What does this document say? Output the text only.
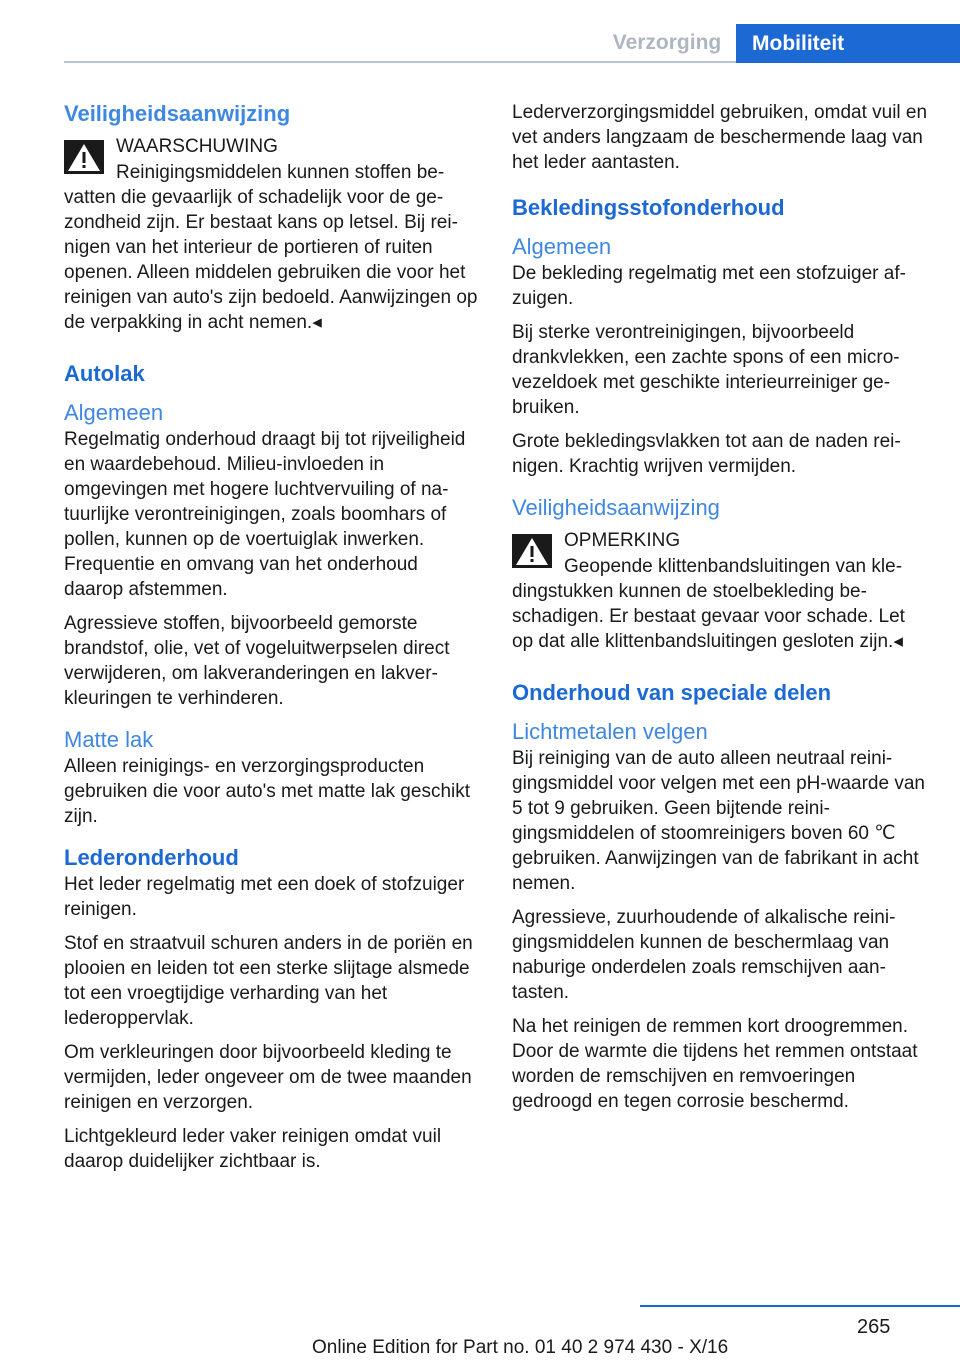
Verzorging	Mobiliteit
Veiligheidsaanwijzing

WAARSCHUWING

Reinigingsmiddelen kunnen stoffen bevatten die gevaarlijk of schadelijk voor de gezondheid zijn. Er bestaat kans op letsel. Bij reinigen van het interieur de portieren of ruiten openen. Alleen middelen gebruiken die voor het reinigen van auto's zijn bedoeld. Aanwijzingen op de verpakking in acht nemen.◂

Autolak
Algemeen

Regelmatig onderhoud draagt bij tot rijveiligheid en waardebehoud. Milieu-invloeden in omgevingen met hogere luchtvervuiling of natuurlijke verontreinigingen, zoals boomhars of pollen, kunnen op de voertuiglak inwerken. Frequentie en omvang van het onderhoud daarop afstemmen.

Agressieve stoffen, bijvoorbeeld gemorste brandstof, olie, vet of vogeluitwerpselen direct verwijderen, om lakveranderingen en lakverkleuringen te verhinderen.

Matte lak

Alleen reinigings- en verzorgingsproducten gebruiken die voor auto's met matte lak geschikt zijn.

Lederonderhoud

Het leder regelmatig met een doek of stofzuiger reinigen.

Stof en straatvuil schuren anders in de poriën en plooien en leiden tot een sterke slijtage alsmede tot een vroegtijdige verharding van het lederoppervlak.

Om verkleuringen door bijvoorbeeld kleding te vermijden, leder ongeveer om de twee maanden reinigen en verzorgen.

Lichtgekleurd leder vaker reinigen omdat vuil daarop duidelijker zichtbaar is.

Lederverzorgingsmiddel gebruiken, omdat vuil en vet anders langzaam de beschermende laag van het leder aantasten.

Bekledingsstofonderhoud
Algemeen

De bekleding regelmatig met een stofzuiger afzuigen.

Bij sterke verontreinigingen, bijvoorbeeld drankvlekken, een zachte spons of een microvezeldoek met geschikte interieurreiniger gebruiken.

Grote bekledingsvlakken tot aan de naden reinigen. Krachtig wrijven vermijden.

Veiligheidsaanwijzing

OPMERKING

Geopende klittenbandsluitingen van kledingstukken kunnen de stoelbekleding beschadigen. Er bestaat gevaar voor schade. Let op dat alle klittenbandsluitingen gesloten zijn.◂

Onderhoud van speciale delen
Lichtmetalen velgen

Bij reiniging van de auto alleen neutraal reinigingsmiddel voor velgen met een pH-waarde van 5 tot 9 gebruiken. Geen bijtende reinigingsmiddelen of stoomreinigers boven 60 ℃ gebruiken. Aanwijzingen van de fabrikant in acht nemen.

Agressieve, zuurhoudende of alkalische reinigingsmiddelen kunnen de beschermlaag van naburige onderdelen zoals remschijven aantasten.

Na het reinigen de remmen kort droogremmen. Door de warmte die tijdens het remmen ontstaat worden de remschijven en remvoeringen gedroogd en tegen corrosie beschermd.

265
Online Edition for Part no. 01 40 2 974 430 - X/16
